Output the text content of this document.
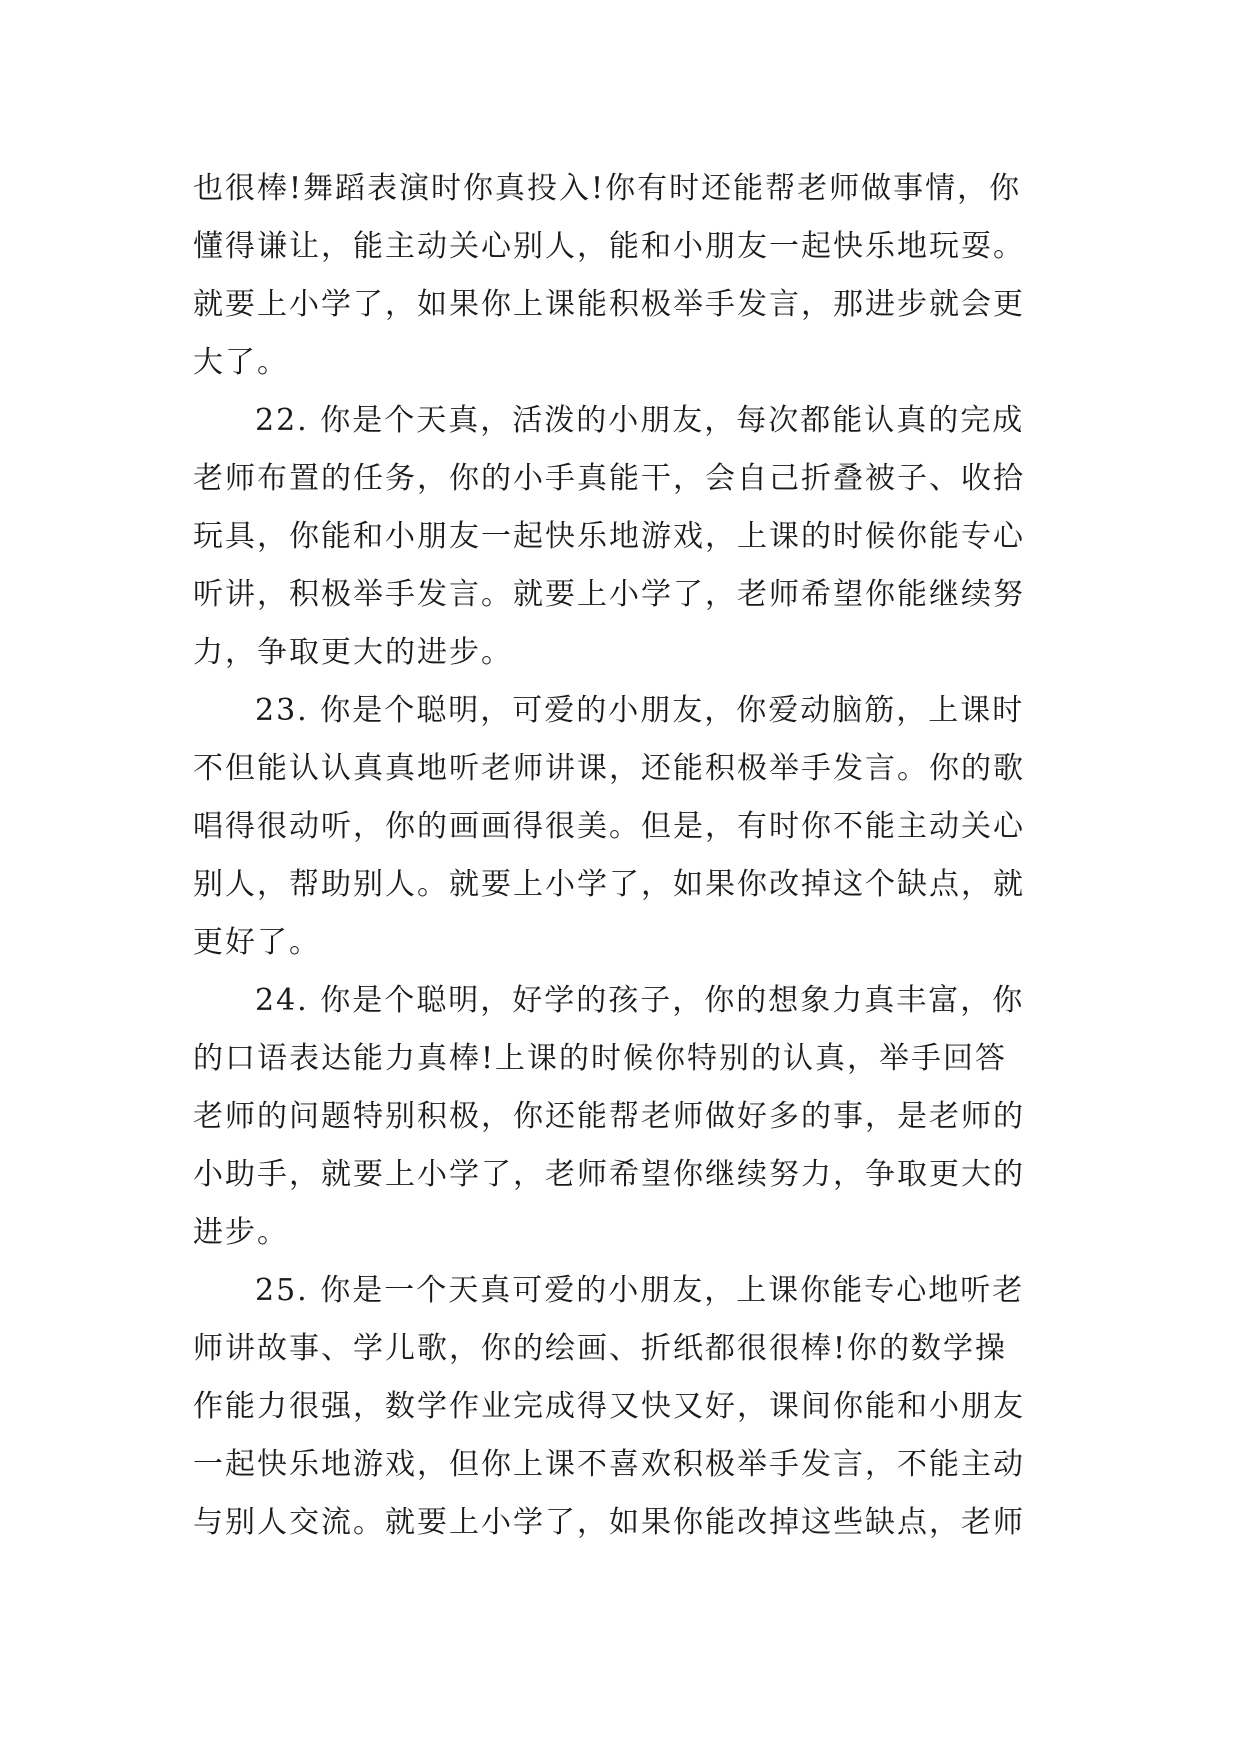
也很棒!舞蹈表演时你真投入!你有时还能帮老师做事情，你
懂得谦让，能主动关心别人，能和小朋友一起快乐地玩耍。
就要上小学了，如果你上课能积极举手发言，那进步就会更
大了。
22. 你是个天真，活泼的小朋友，每次都能认真的完成
老师布置的任务，你的小手真能干，会自己折叠被子、收拾
玩具，你能和小朋友一起快乐地游戏，上课的时候你能专心
听讲，积极举手发言。就要上小学了，老师希望你能继续努
力，争取更大的进步。
23. 你是个聪明，可爱的小朋友，你爱动脑筋，上课时
不但能认认真真地听老师讲课，还能积极举手发言。你的歌
唱得很动听，你的画画得很美。但是，有时你不能主动关心
别人，帮助别人。就要上小学了，如果你改掉这个缺点，就
更好了。
24. 你是个聪明，好学的孩子，你的想象力真丰富，你
的口语表达能力真棒!上课的时候你特别的认真，举手回答
老师的问题特别积极，你还能帮老师做好多的事，是老师的
小助手，就要上小学了，老师希望你继续努力，争取更大的
进步。
25. 你是一个天真可爱的小朋友，上课你能专心地听老
师讲故事、学儿歌，你的绘画、折纸都很很棒!你的数学操
作能力很强，数学作业完成得又快又好，课间你能和小朋友
一起快乐地游戏，但你上课不喜欢积极举手发言，不能主动
与别人交流。就要上小学了，如果你能改掉这些缺点，老师
